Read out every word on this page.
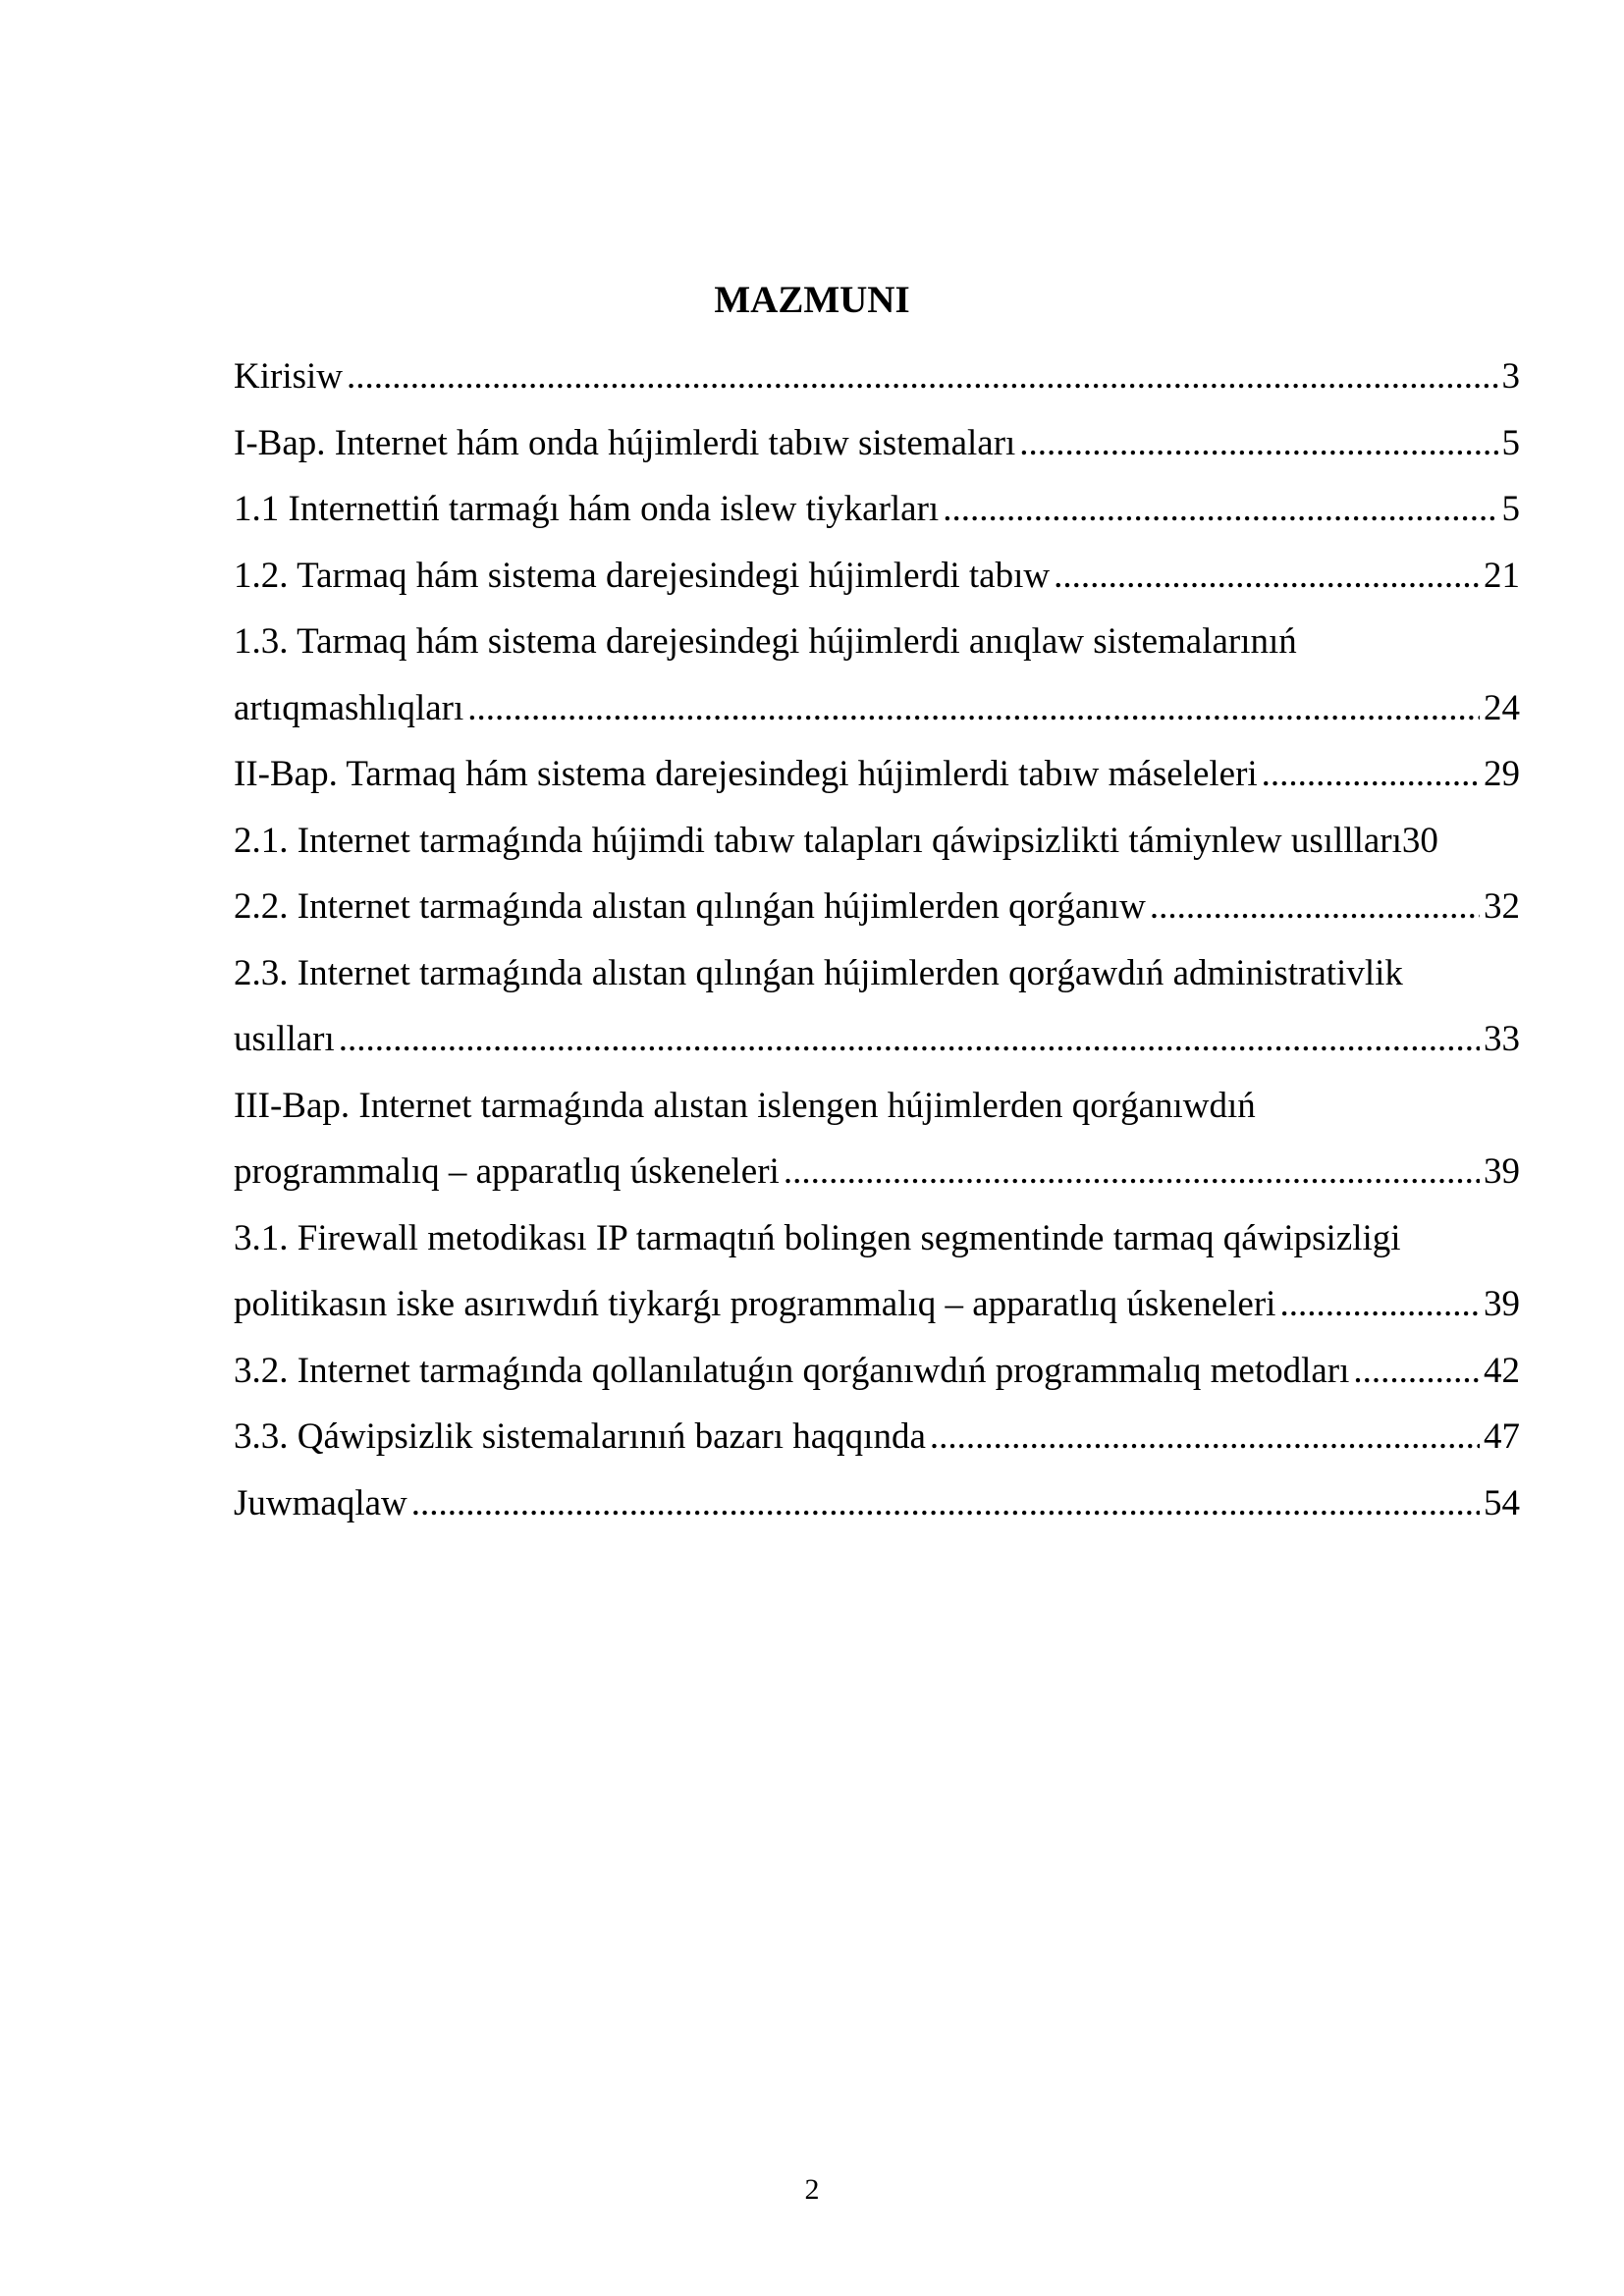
MAZMUNI
Kirisiw .....	3
I-Bap. Internet hám onda hújimlerdi tabıw sistemaları .....	5
1.1 Internettiń tarmaǵı hám onda islew tiykarları .....	5
1.2. Tarmaq hám sistema darejesindegi hújimlerdi tabıw .....	21
1.3. Tarmaq hám sistema darejesindegi hújimlerdi anıqlaw sistemalarınıń
artıqmashlıqları .....	24
II-Bap. Tarmaq hám sistema darejesindegi hújimlerdi tabıw máseleleri .....	29
2.1. Internet tarmaǵında hújimdi tabıw talapları qáwipsizlikti támiynlew usıllları 30
2.2. Internet tarmaǵında alıstan qılınǵan hújimlerden qorǵanıw .....	32
2.3. Internet tarmaǵında alıstan qılınǵan hújimlerden qorǵawdıń administrativlik
usılları .....	33
III-Bap. Internet tarmaǵında alıstan islengen hújimlerden qorǵanıwdıń
programmalıq – apparatlıq úskeneleri .....	39
3.1. Firewall metodikası IP tarmaqtıń bolingen segmentinde tarmaq qáwipsizligi
politikasın iske asırıwdıń tiykarǵı programmalıq – apparatlıq úskeneleri .....	39
3.2. Internet tarmaǵında qollanılatuǵın qorǵanıwdıń programmalıq metodları .....	42
3.3. Qáwipsizlik sistemalarınıń bazarı haqqında .....	47
Juwmaqlaw .....	54
2
